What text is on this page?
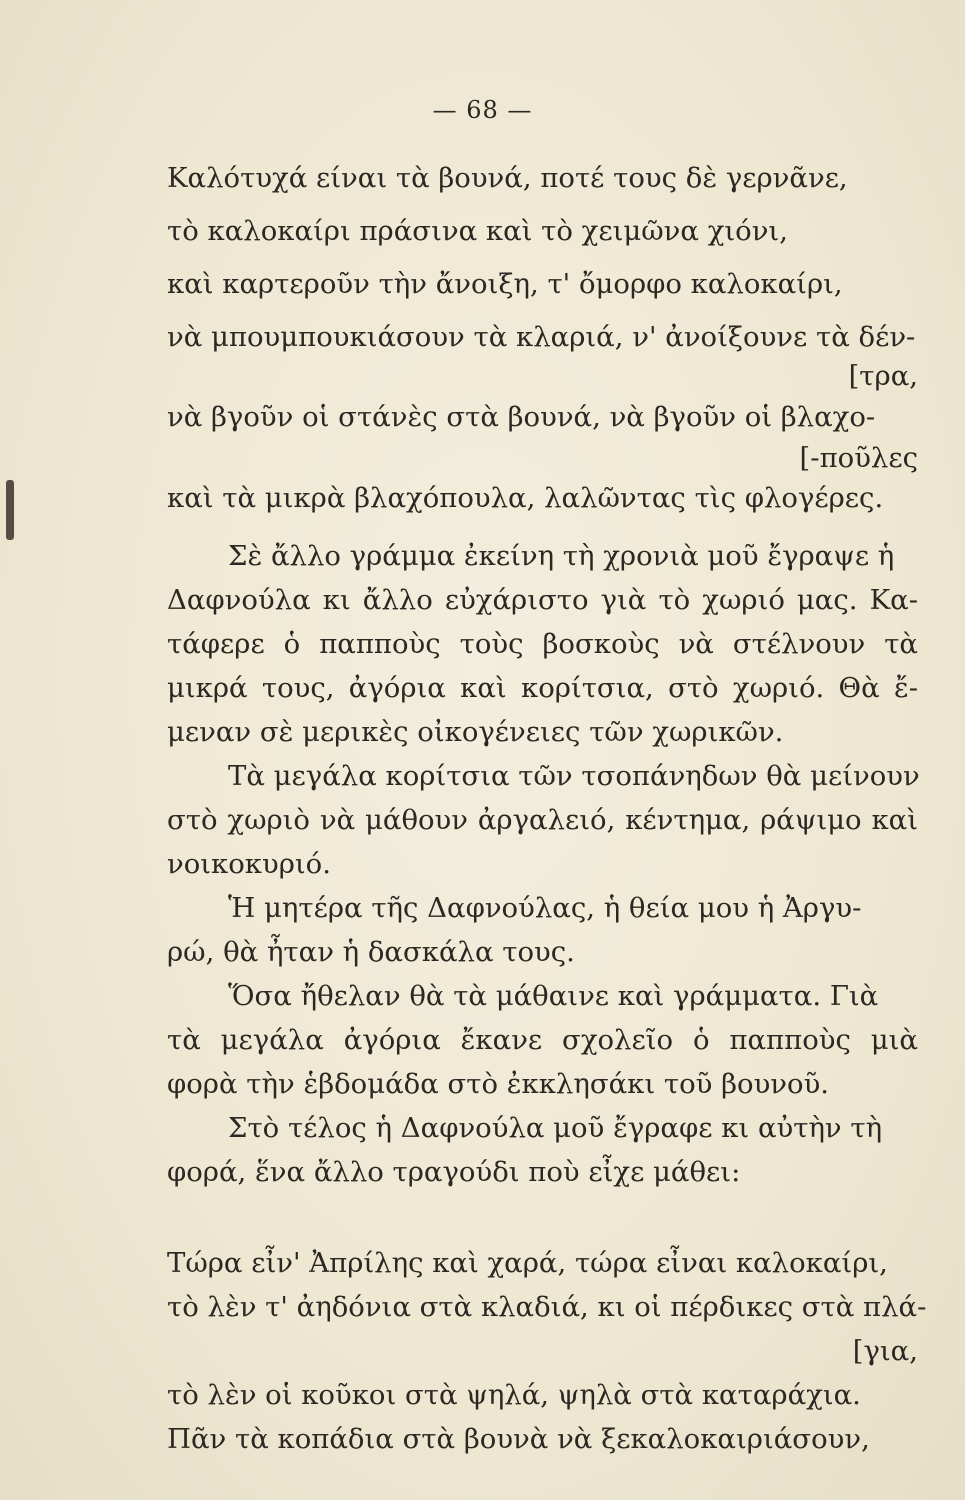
— 68 —
Καλότυχά είναι τὰ βουνά, ποτέ τους δὲ γερνᾶνε,
τὸ καλοκαίρι πράσινα καὶ τὸ χειμῶνα χιόνι,
καὶ καρτεροῦν τὴν ἄνοιξη, τ' ὄμορφο καλοκαίρι,
νὰ μπουμπουκιάσουν τὰ κλαριά, ν' ἀνοίξουνε τὰ δέν-
[τρα,
νὰ βγοῦν οἱ στάνὲς στὰ βουνά, νὰ βγοῦν οἱ βλαχο-
[-ποῦλες
καὶ τὰ μικρὰ βλαχόπουλα, λαλῶντας τὶς φλογέρες.
Σὲ ἄλλο γράμμα ἐκείνη τὴ χρονιὰ μοῦ ἔγραψε ἡ
Δαφνούλα κι ἄλλο εὐχάριστο γιὰ τὸ χωριό μας. Κα-
τάφερε ὁ παπποὺς τοὺς βοσκοὺς νὰ στέλνουν τὰ
μικρά τους, ἀγόρια καὶ κορίτσια, στὸ χωριό. Θὰ ἔ-
μεναν σὲ μερικὲς οἰκογένειες τῶν χωρικῶν.
Τὰ μεγάλα κορίτσια τῶν τσοπάνηδων θὰ μείνουν
στὸ χωριὸ νὰ μάθουν ἀργαλειό, κέντημα, ράψιμο καὶ
νοικοκυριό.
Ἡ μητέρα τῆς Δαφνούλας, ἡ θεία μου ἡ Ἀργυ-
ρώ, θὰ ἦταν ἡ δασκάλα τους.
Ὅσα ἤθελαν θὰ τὰ μάθαινε καὶ γράμματα. Γιὰ
τὰ μεγάλα ἀγόρια ἔκανε σχολεῖο ὁ παπποὺς μιὰ
φορὰ τὴν ἑβδομάδα στὸ ἐκκλησάκι τοῦ βουνοῦ.
Στὸ τέλος ἡ Δαφνούλα μοῦ ἔγραφε κι αὐτὴν τὴ
φορά, ἕνα ἄλλο τραγούδι ποὺ εἶχε μάθει:
Τώρα εἶν' Ἀπρίλης καὶ χαρά, τώρα εἶναι καλοκαίρι,
τὸ λὲν τ' ἀηδόνια στὰ κλαδιά, κι οἱ πέρδικες στὰ πλά-
[για,
τὸ λὲν οἱ κοῦκοι στὰ ψηλά, ψηλὰ στὰ καταράχια.
Πᾶν τὰ κοπάδια στὰ βουνὰ νὰ ξεκαλοκαιριάσουν,
